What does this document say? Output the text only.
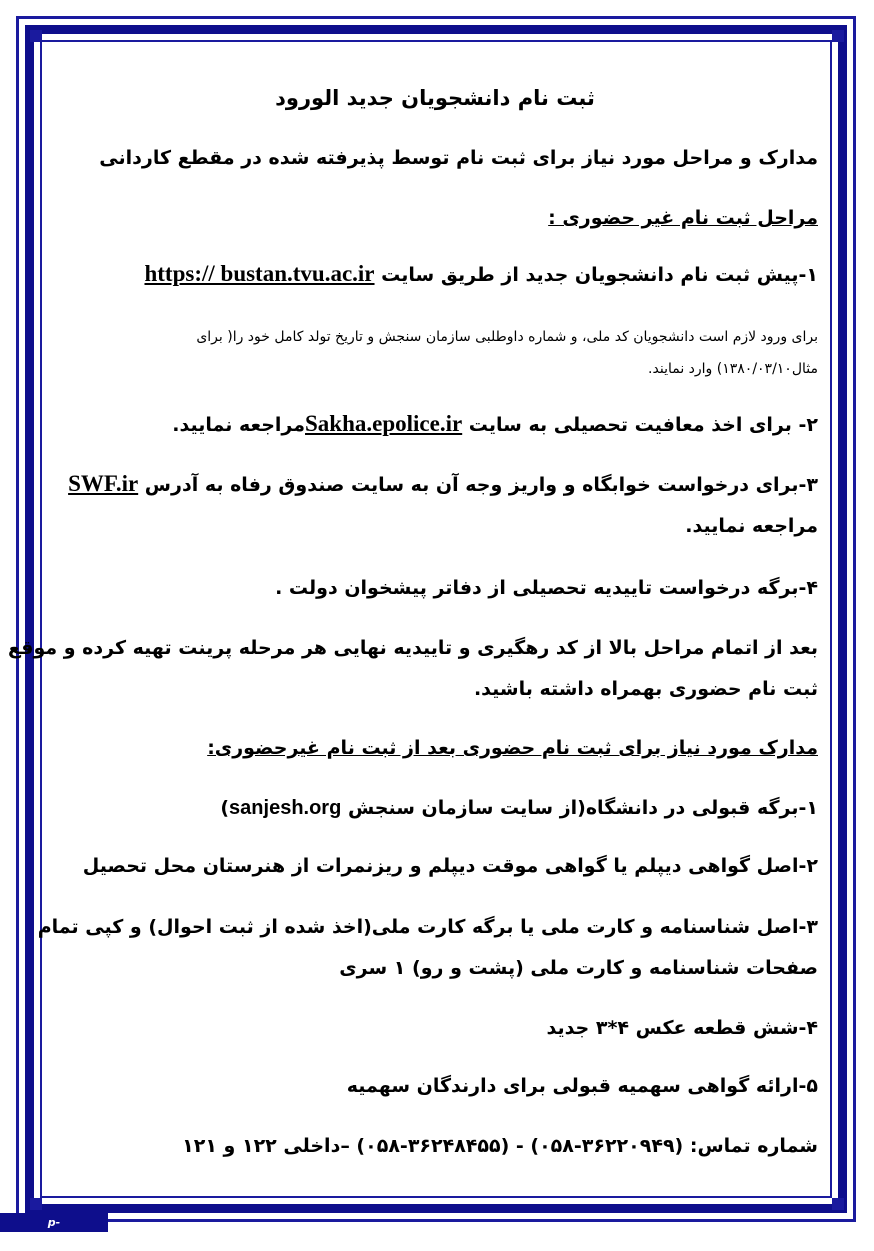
ثبت نام دانشجویان جدید الورود
مدارک و مراحل مورد نیاز برای ثبت نام توسط پذیرفته شده در مقطع کاردانی
مراحل ثبت نام غیر حضوری :
۱-پیش ثبت نام دانشجویان جدید از طریق سایت https:// bustan.tvu.ac.ir
برای ورود لازم است دانشجویان کد ملی، و شماره داوطلبی سازمان سنجش و تاریخ تولد کامل خود را( برای
مثال۱۳۸۰/۰۳/۱۰) وارد نمایند.
۲- برای اخذ معافیت تحصیلی به سایت Sakha.epolice.irمراجعه نمایید.
۳-برای درخواست خوابگاه و واریز وجه آن به سایت صندوق رفاه به آدرس SWF.ir
مراجعه نمایید.
۴-برگه درخواست تاییدیه تحصیلی از دفاتر پیشخوان دولت .
بعد از اتمام مراحل بالا از کد رهگیری و تاییدیه نهایی هر مرحله پرینت تهیه کرده و موقع
ثبت نام حضوری بهمراه داشته باشید.
مدارک مورد نیاز برای ثبت نام حضوری بعد از ثبت نام غیرحضوری:
۱-برگه قبولی در دانشگاه(از سایت سازمان سنجش sanjesh.org)
۲-اصل گواهی دیپلم یا گواهی موقت دیپلم و ریزنمرات از هنرستان محل تحصیل
۳-اصل شناسنامه و کارت ملی یا برگه کارت ملی(اخذ شده از ثبت احوال) و کپی تمام
صفحات شناسنامه و کارت ملی (پشت و رو) ۱ سری
۴-شش قطعه عکس ۴*۳ جدید
۵-ارائه گواهی سهمیه قبولی برای دارندگان سهمیه
شماره تماس: (۳۶۲۲۰۹۴۹-۰۵۸) - (۳۶۲۴۸۴۵۵-۰۵۸) –داخلی ۱۲۲ و ۱۲۱
p-shirvan.tvu.ac.ir
